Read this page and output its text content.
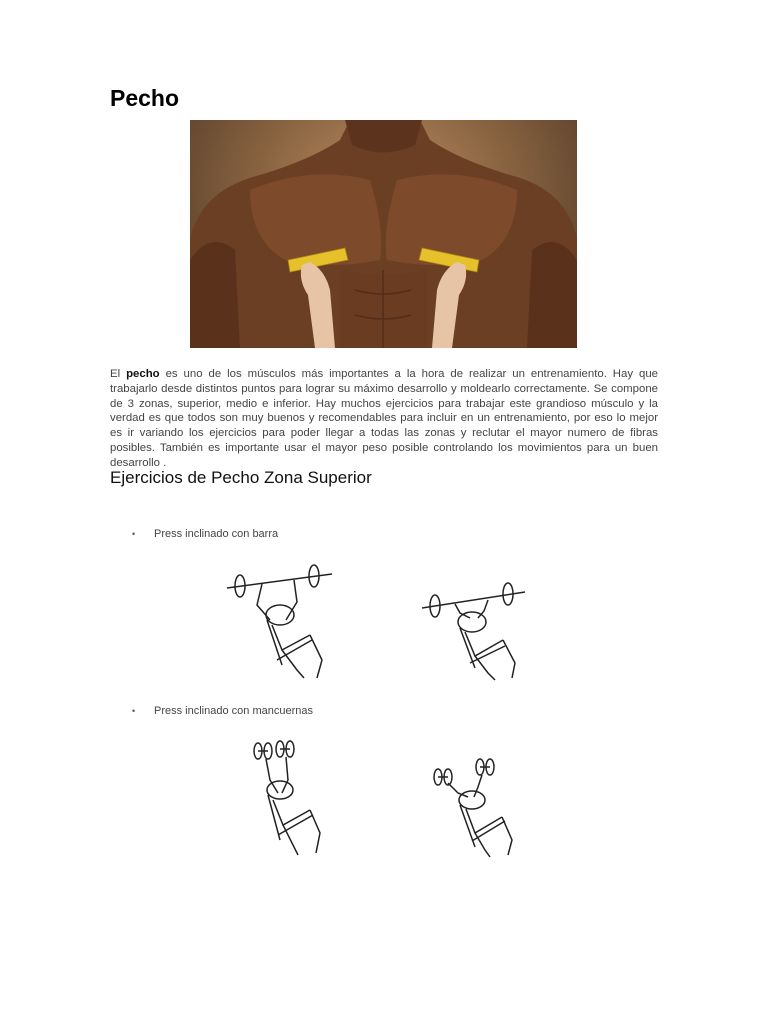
Pecho

El pecho es uno de los músculos más importantes a la hora de realizar un entrenamiento. Hay que trabajarlo desde distintos puntos para lograr su máximo desarrollo y moldearlo correctamente. Se compone de 3 zonas, superior, medio e inferior. Hay muchos ejercicios para trabajar este grandioso músculo y la verdad es que todos son muy buenos y recomendables para incluir en un entrenamiento, por eso lo mejor es ir variando los ejercicios para poder llegar a todas las zonas y reclutar el mayor numero de fibras posibles. También es importante usar el mayor peso posible controlando los movimientos para un buen desarrollo .

Ejercicios de Pecho Zona Superior
•	Press inclinado con barra
•	Press inclinado con mancuernas
